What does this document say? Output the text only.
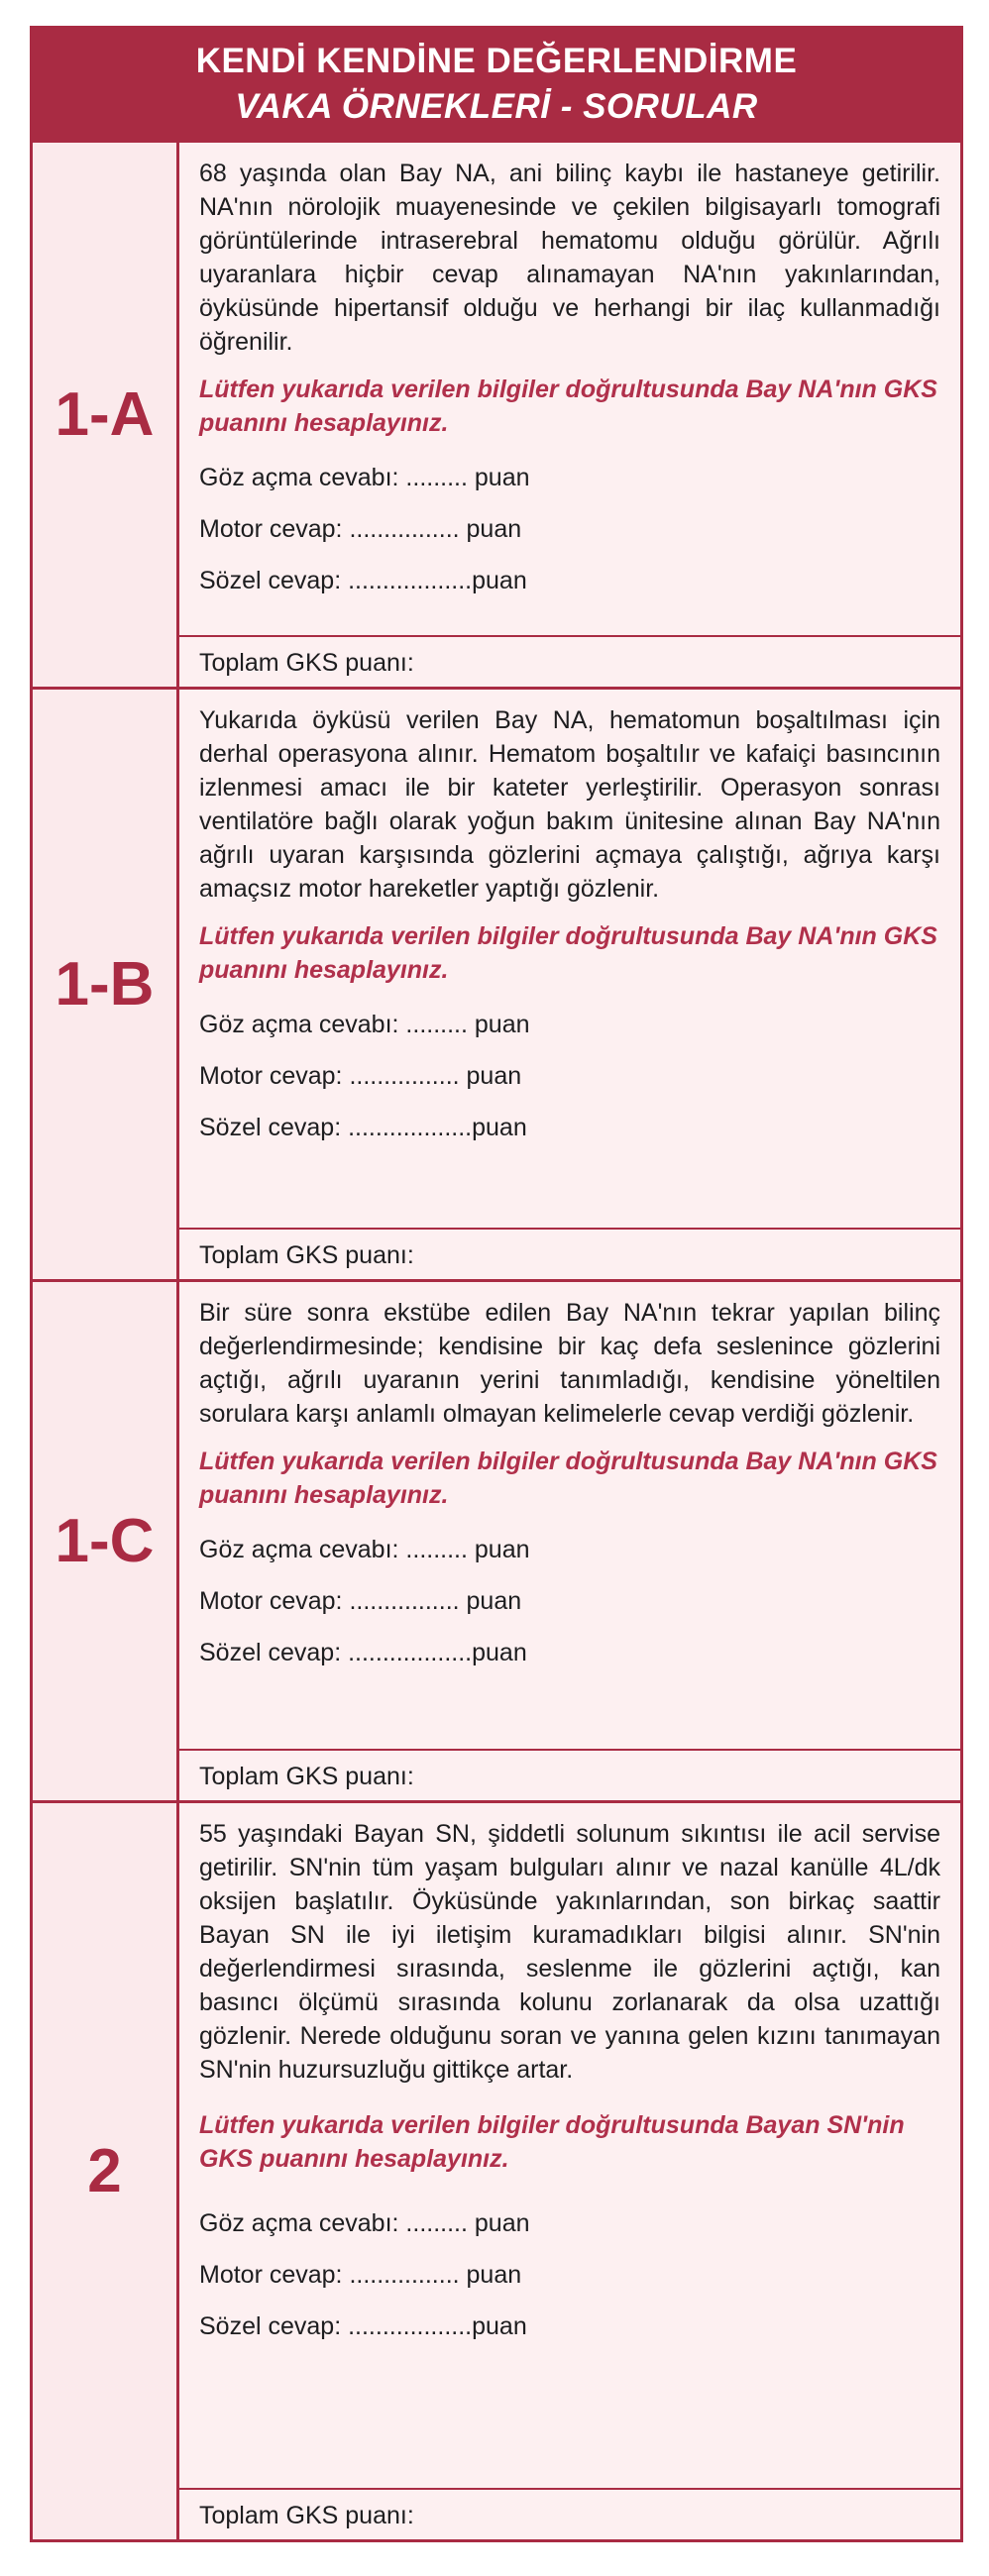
KENDİ KENDİNE DEĞERLENDİRME
VAKA ÖRNEKLERİ - SORULAR
1-A
68 yaşında olan Bay NA, ani bilinç kaybı ile hastaneye getirilir. NA'nın nörolojik muayenesinde ve çekilen bilgisayarlı tomografi görüntülerinde intraserebral hematomu olduğu görülür. Ağrılı uyaranlara hiçbir cevap alınamayan NA'nın yakınlarından, öyküsünde hipertansif olduğu ve herhangi bir ilaç kullanmadığı öğrenilir.
Lütfen yukarıda verilen bilgiler doğrultusunda Bay NA'nın GKS puanını hesaplayınız.
Göz açma cevabı: ......... puan
Motor cevap: ................ puan
Sözel cevap: ..................puan
Toplam GKS puanı:
1-B
Yukarıda öyküsü verilen Bay NA, hematomun boşaltılması için derhal operasyona alınır. Hematom boşaltılır ve kafaiçi basıncının izlenmesi amacı ile bir kateter yerleştirilir. Operasyon sonrası ventilatöre bağlı olarak yoğun bakım ünitesine alınan Bay NA'nın ağrılı uyaran karşısında gözlerini açmaya çalıştığı, ağrıya karşı amaçsız motor hareketler yaptığı gözlenir.
Lütfen yukarıda verilen bilgiler doğrultusunda Bay NA'nın GKS puanını hesaplayınız.
Göz açma cevabı: ......... puan
Motor cevap: ................ puan
Sözel cevap: ..................puan
Toplam GKS puanı:
1-C
Bir süre sonra ekstübe edilen Bay NA'nın tekrar yapılan bilinç değerlendirmesinde; kendisine bir kaç defa seslenince gözlerini açtığı, ağrılı uyaranın yerini tanımladığı, kendisine yöneltilen sorulara karşı anlamlı olmayan kelimelerle cevap verdiği gözlenir.
Lütfen yukarıda verilen bilgiler doğrultusunda Bay NA'nın GKS puanını hesaplayınız.
Göz açma cevabı: ......... puan
Motor cevap: ................ puan
Sözel cevap: ..................puan
Toplam GKS puanı:
2
55 yaşındaki Bayan SN, şiddetli solunum sıkıntısı ile acil servise getirilir. SN'nin tüm yaşam bulguları alınır ve nazal kanülle 4L/dk oksijen başlatılır. Öyküsünde yakınlarından, son birkaç saattir Bayan SN ile iyi iletişim kuramadıkları bilgisi alınır. SN'nin değerlendirmesi sırasında, seslenme ile gözlerini açtığı, kan basıncı ölçümü sırasında kolunu zorlanarak da olsa uzattığı gözlenir. Nerede olduğunu soran ve yanına gelen kızını tanımayan SN'nin huzursuzluğu gittikçe artar.
Lütfen yukarıda verilen bilgiler doğrultusunda Bayan SN'nin GKS puanını hesaplayınız.
Göz açma cevabı: ......... puan
Motor cevap: ................ puan
Sözel cevap: ..................puan
Toplam GKS puanı:
